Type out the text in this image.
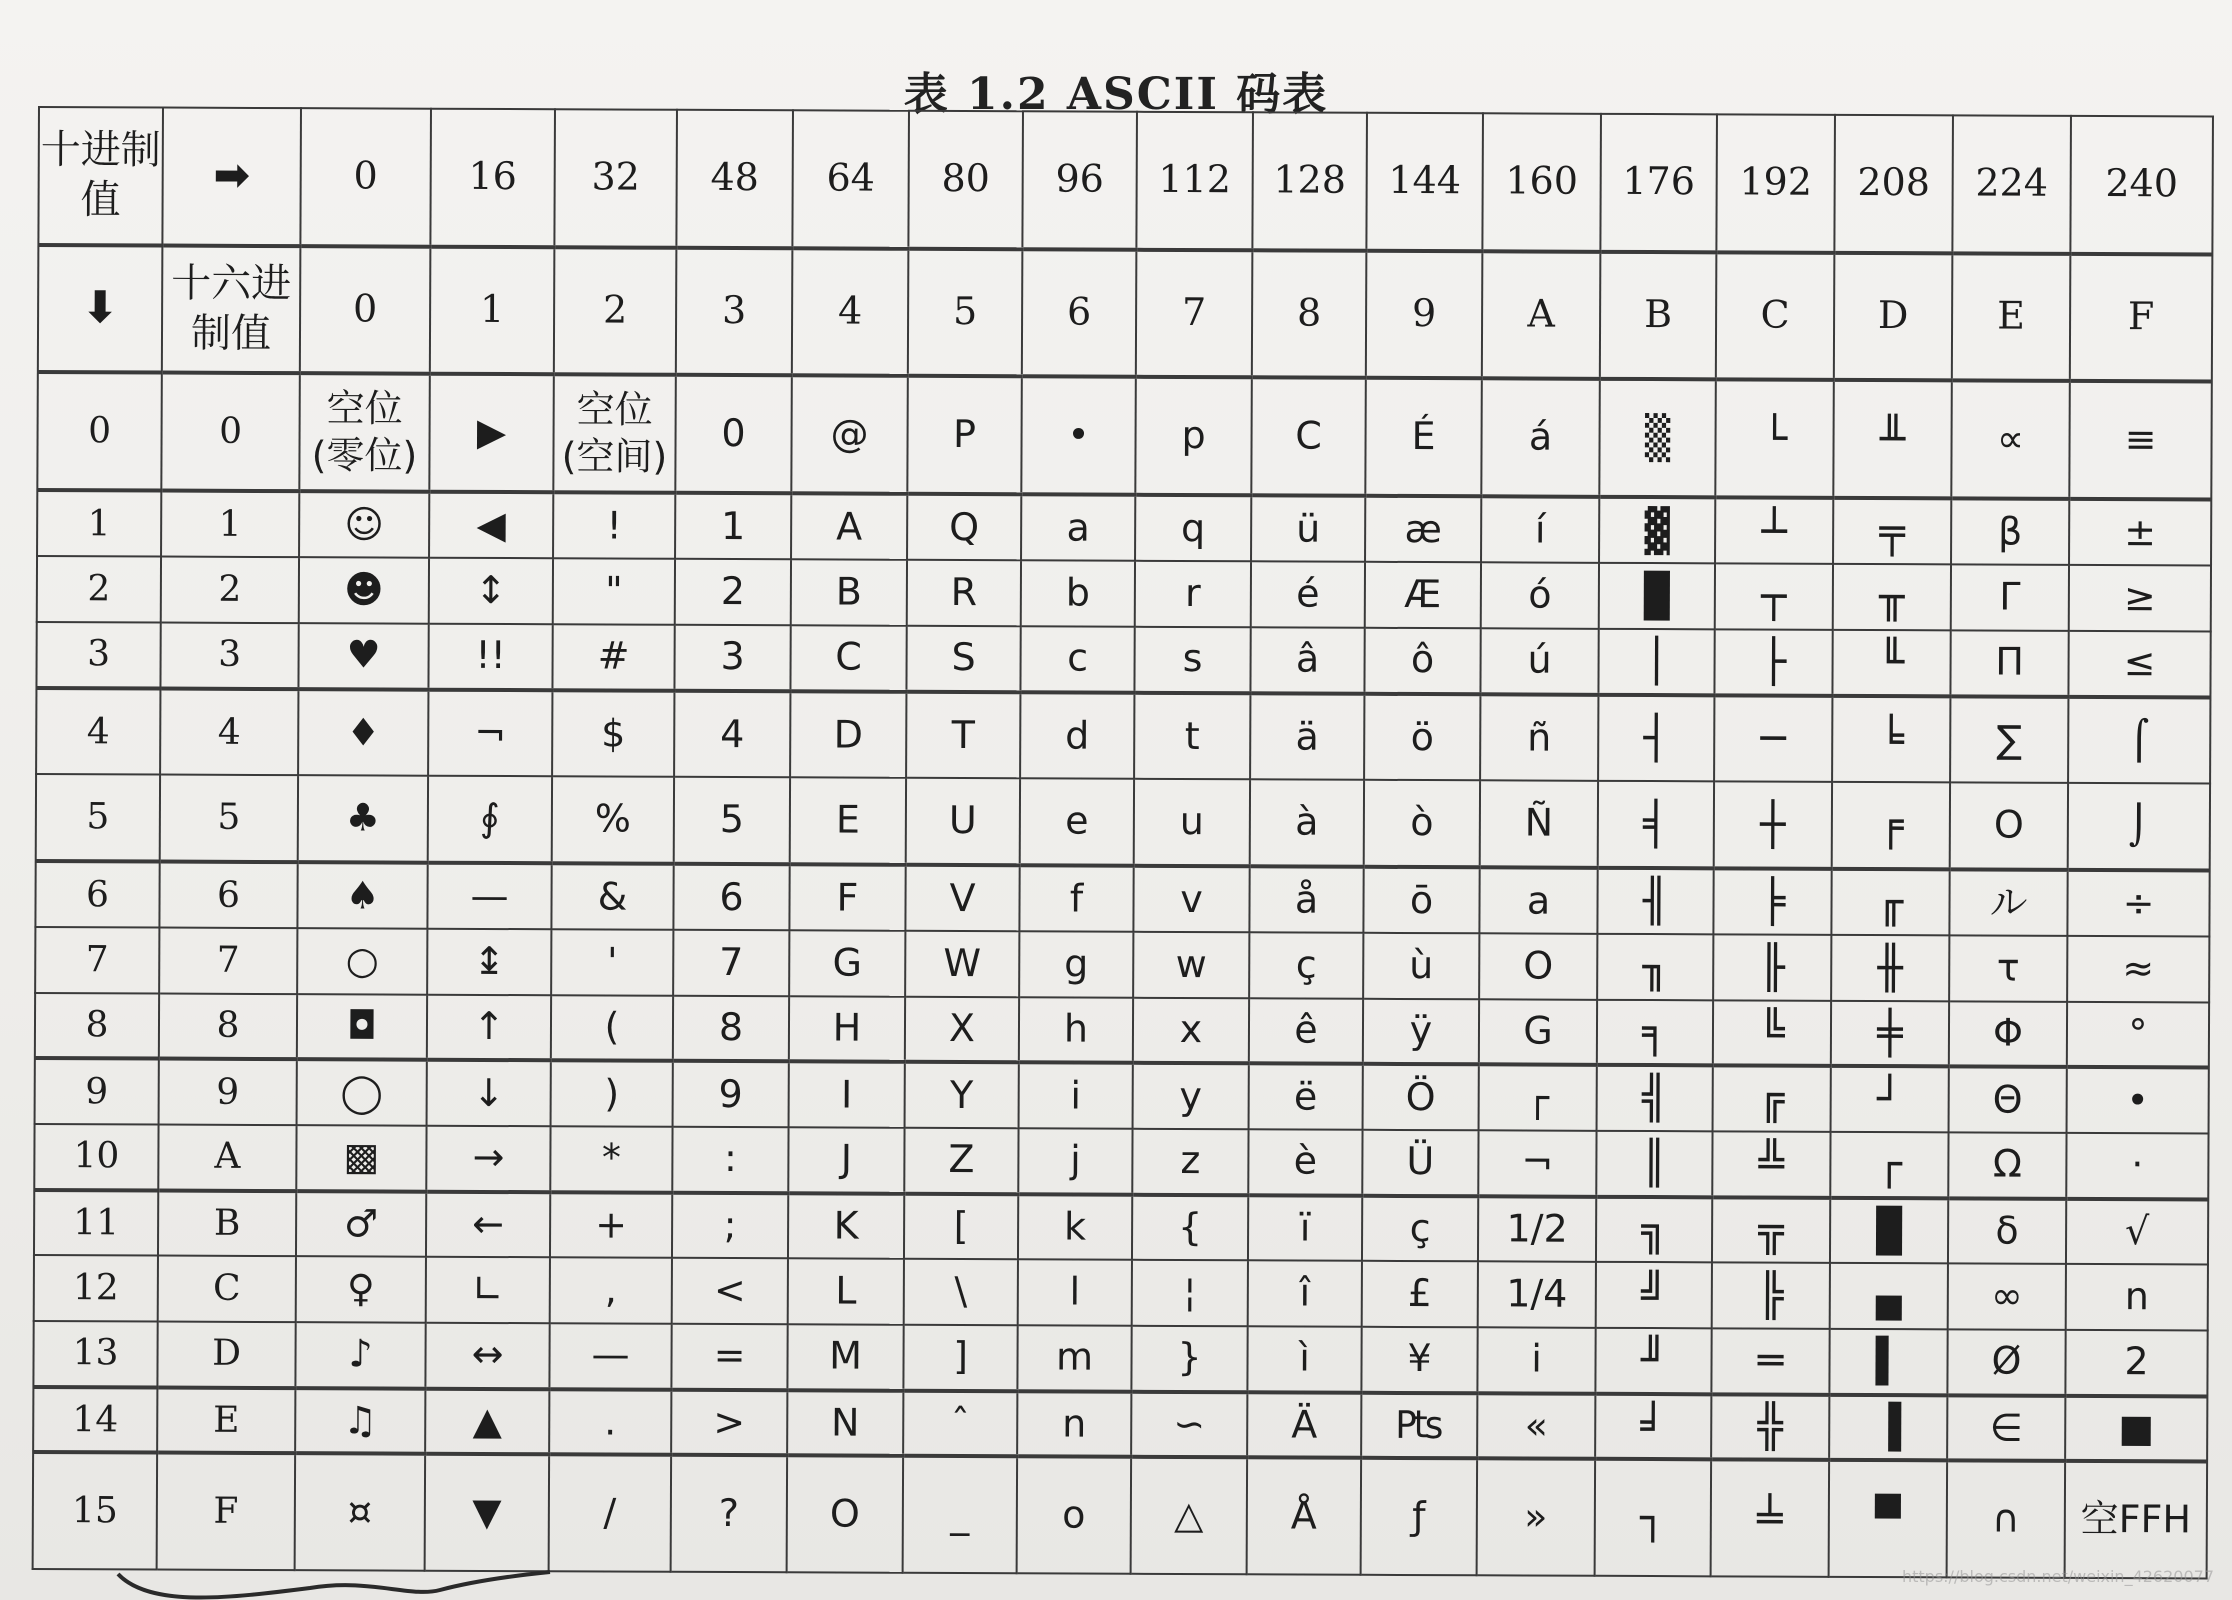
表 1.2 ASCII 码表
十进制值	➡	0	16	32	48	64	80	96	112	128	144	160	176	192	208	224	240
⬇	十六进制值	0	1	2	3	4	5	6	7	8	9	A	B	C	D	E	F
0	0	空位(零位)	▶	空位(空间)	0	@	P	•	p	C	É	á	▒	└	╨	∝	≡
1	1	☺	◀	!	1	A	Q	a	q	ü	æ	í	▓	┴	╤	β	±
2	2	☻	↕	"	2	B	R	b	r	é	Æ	ó	█	┬	╥	Γ	≥
3	3	♥	!!	#	3	C	S	c	s	â	ô	ú	│	├	╙	Π	≤
4	4	♦	¬	$	4	D	T	d	t	ä	ö	ñ	┤	─	╘	∑	⌠
5	5	♣	∮	%	5	E	U	e	u	à	ò	Ñ	╡	┼	╒	O	⌡
6	6	♠	—	&	6	F	V	f	v	å	ō	a	╢	╞	╓	ル	÷
7	7	○	↨	'	7	G	W	g	w	ç	ù	O	╖	╟	╫	τ	≈
8	8	◘	↑	(	8	H	X	h	x	ê	ÿ	G	╕	╚	╪	Φ	°
9	9	◯	↓	)	9	I	Y	i	y	ë	Ö	┌	╣	╔	┘	Θ	•
10	A	▩	→	*	:	J	Z	j	z	è	Ü	¬	║	╩	┌	Ω	·
11	B	♂	←	+	;	K	[	k	{	ï	ç	1/2	╗	╦	█	δ	√
12	C	♀	∟	,	<	L	\	l	¦	î	£	1/4	╝	╠	▄	∞	n
13	D	♪	↔	—	=	M	]	m	}	ì	¥	i	╜	═	▌	Ø	2
14	E	♫	▲	.	>	N	ˆ	n	∽	Ä	₧	«	╛	╬	▐	∈	■
15	F	¤	▼	/	?	O	_	o	△	Å	ƒ	»	┐	╧	▀	∩	空FFH
https://blog.csdn.net/weixin_42620077
